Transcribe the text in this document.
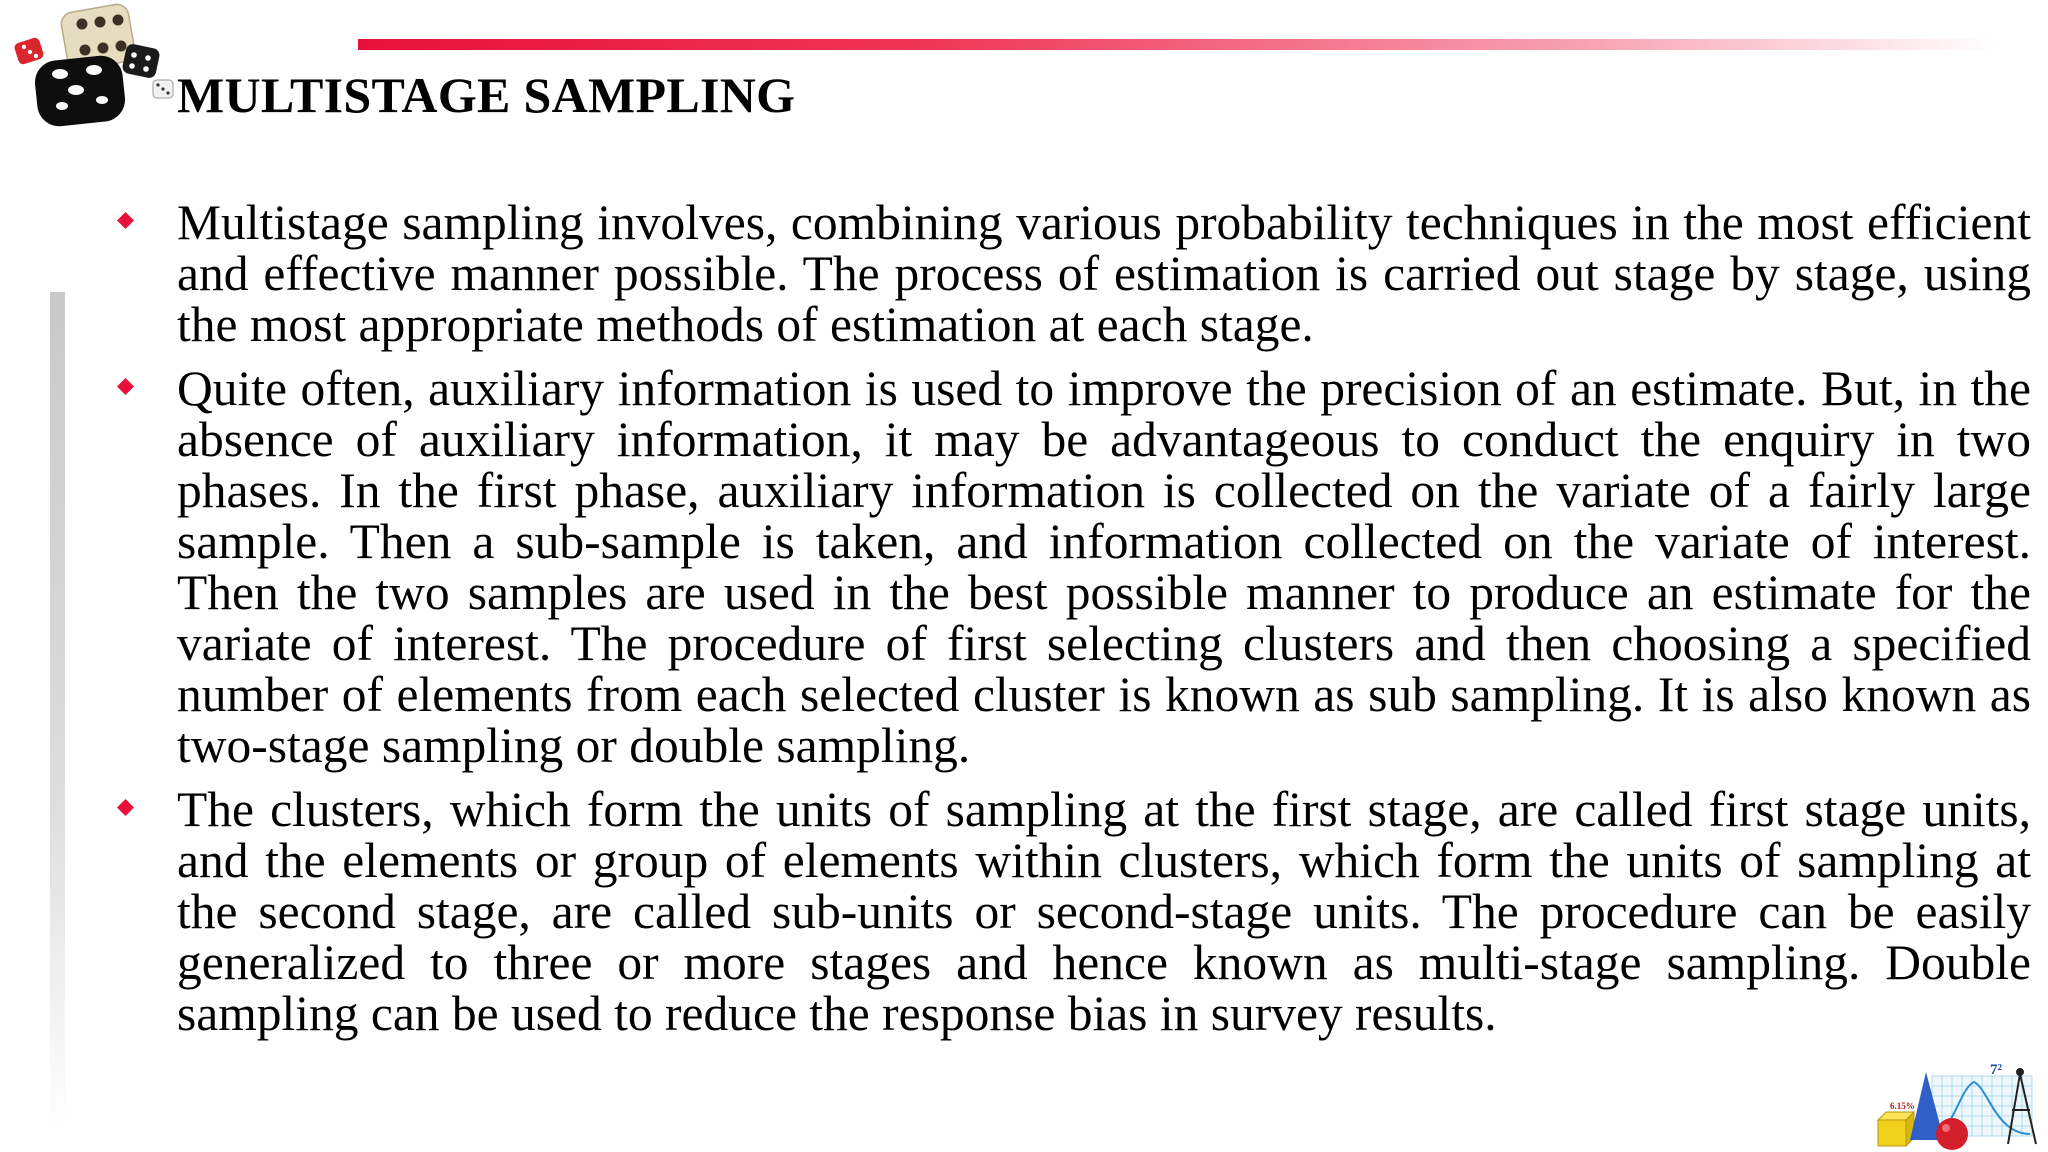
MULTISTAGE SAMPLING
Multistage sampling involves, combining various probability techniques in the most efficient and effective manner possible. The process of estimation is carried out stage by stage, using the most appropriate methods of estimation at each stage.
Quite often, auxiliary information is used to improve the precision of an estimate. But, in the absence of auxiliary information, it may be advantageous to conduct the enquiry in two phases. In the first phase, auxiliary information is collected on the variate of a fairly large sample. Then a sub-sample is taken, and information collected on the variate of interest. Then the two samples are used in the best possible manner to produce an estimate for the variate of interest. The procedure of first selecting clusters and then choosing a specified number of elements from each selected cluster is known as sub sampling. It is also known as two-stage sampling or double sampling.
The clusters, which form the units of sampling at the first stage, are called first stage units, and the elements or group of elements within clusters, which form the units of sampling at the second stage, are called sub-units or second-stage units. The procedure can be easily generalized to three or more stages and hence known as multi-stage sampling. Double sampling can be used to reduce the response bias in survey results.
6.15%
7²
